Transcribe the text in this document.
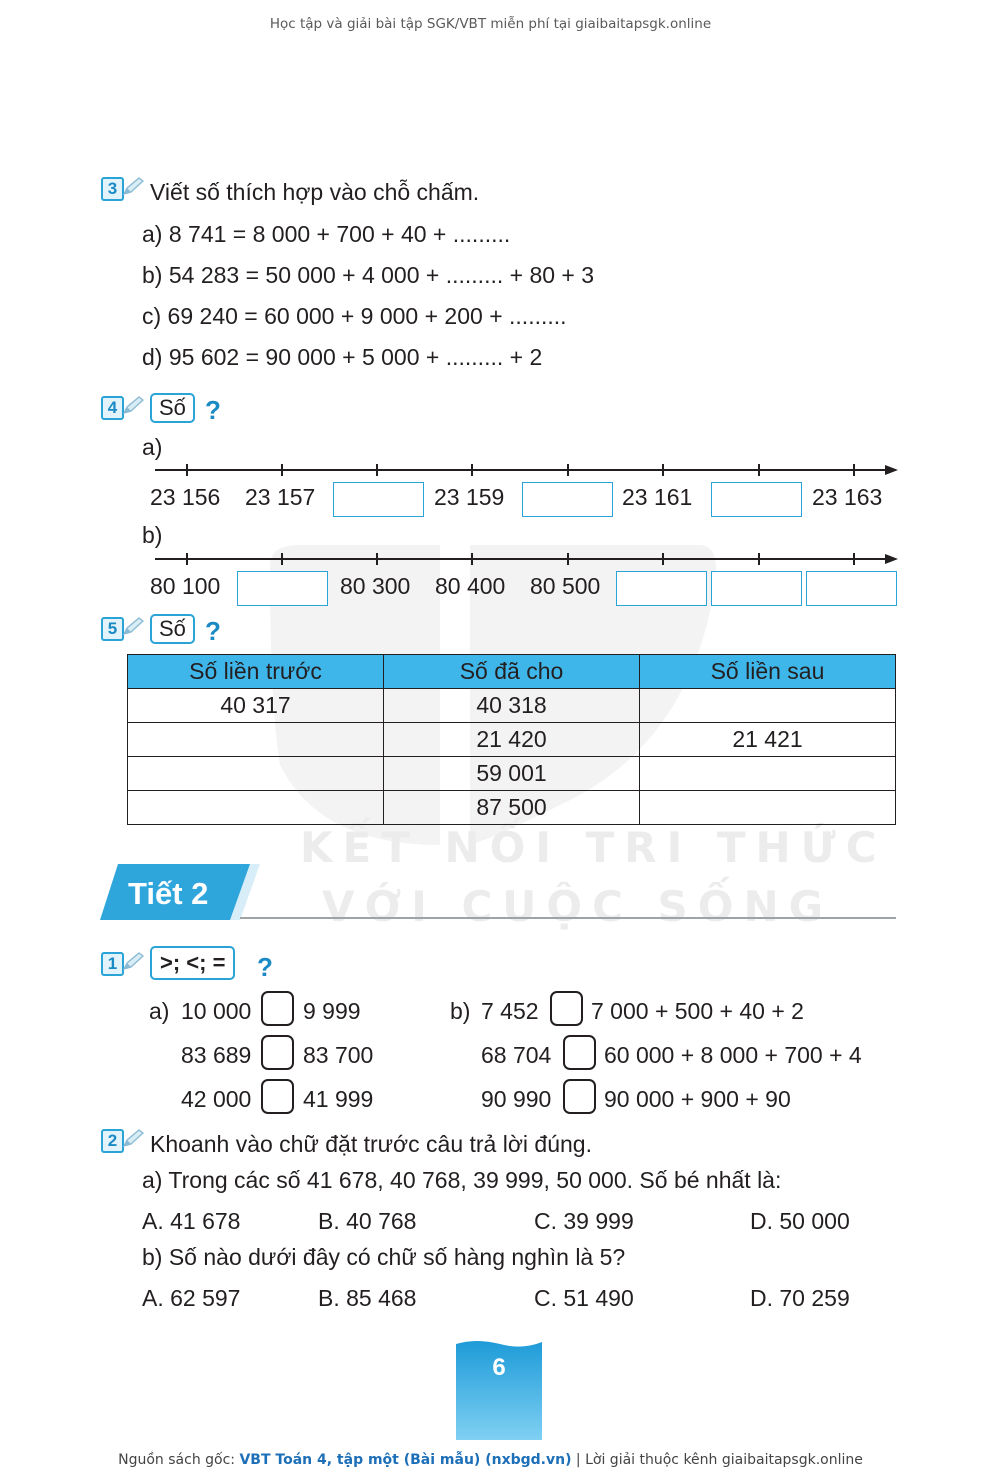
Học tập và giải bài tập SGK/VBT miễn phí tại giaibaitapsgk.online
KẾT NỐI TRI THỨC
VỚI CUỘC SỐNG
3 Viết số thích hợp vào chỗ chấm.
a) 8 741 = 8 000 + 700 + 40 + .........
b) 54 283 = 50 000 + 4 000 + ......... + 80 + 3
c) 69 240 = 60 000 + 9 000 + 200 + .........
d) 95 602 = 90 000 + 5 000 + ......... + 2
4	Số ?
a)
23 156 23 157	23 159	23 161	23 163
b)
80 100	80 300 80 400 80 500
5	Số ?
Số liền trước	Số đã cho	Số liền sau
40 317	40 318	
	21 420	21 421
	59 001	
	87 500	
Tiết 2
1	>; <; =	?
a) 10 000 9 999
83 689 83 700
42 000 41 999
b) 7 452 7 000 + 500 + 40 + 2
68 704 60 000 + 8 000 + 700 + 4
90 990 90 000 + 900 + 90
2 Khoanh vào chữ đặt trước câu trả lời đúng.
a) Trong các số 41 678, 40 768, 39 999, 50 000. Số bé nhất là:
A. 41 678	B. 40 768	C. 39 999	D. 50 000
b) Số nào dưới đây có chữ số hàng nghìn là 5?
A. 62 597	B. 85 468	C. 51 490	D. 70 259
6
Nguồn sách gốc: VBT Toán 4, tập một (Bài mẫu) (nxbgd.vn) | Lời giải thuộc kênh giaibaitapsgk.online
